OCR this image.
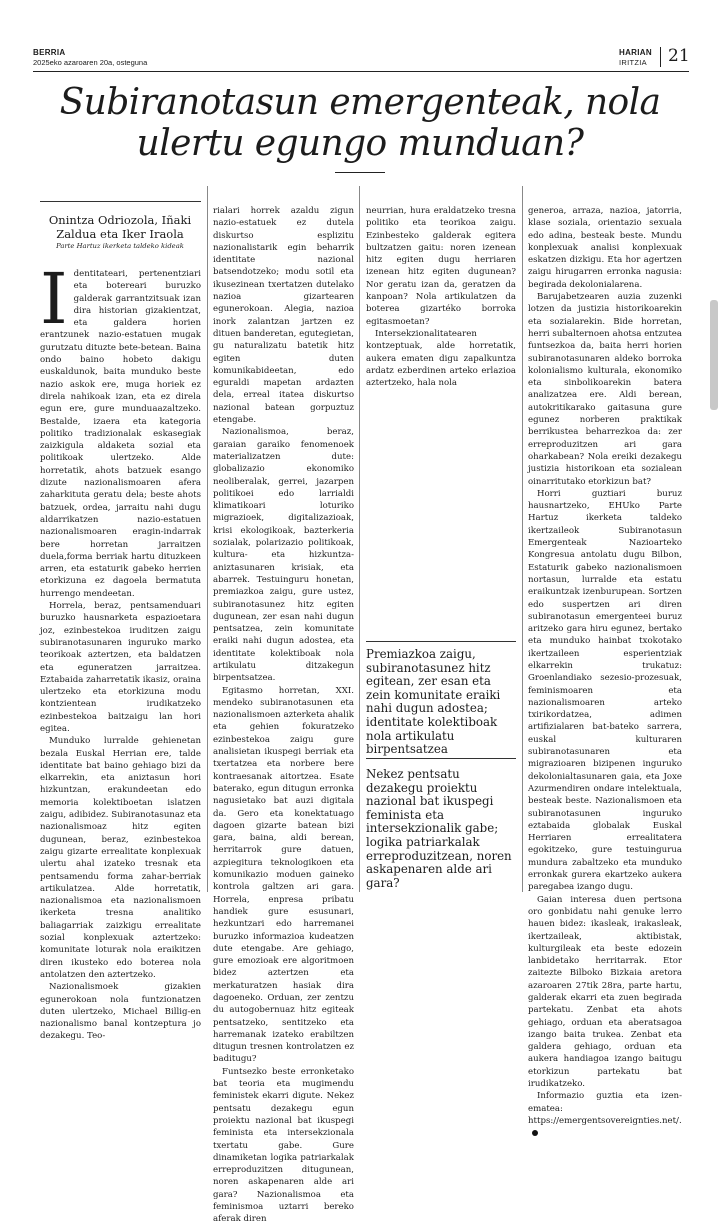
BERRIA
2025eko azaroaren 20a, osteguna
HARIAN
IRITZIA 21
Subiranotasun emergenteak, nola ulertu egungo munduan?
Onintza Odriozola, Iñaki Zaldua eta Iker Iraola
Parte Hartuz ikerketa taldeko kideak

Identitateari, pertenentziari eta botereari buruzko galderak garrantzitsuak izan dira historian gizakientzat, eta galdera horien erantzunek nazio-estatuen mugak gurutzatu dituzte bete-betean. Baina ondo baino hobeto dakigu euskaldunok, baita munduko beste nazio askok ere, muga horiek ez direla nahikoak izan, eta ez direla egun ere, gure munduaazaltzeko. Bestalde, izaera eta kategoria politiko tradizionalak eskasegiak zaizkigula aldaketa sozial eta politikoak ulertzeko. Alde horretatik, ahots batzuek esango dizute nazionalismoaren afera zaharkituta geratu dela; beste ahots batzuek, ordea, jarraitu nahi dugu aldarrikatzen nazio-estatuen nazionalismoaren eragin-indarrak bere horretan jarraitzen duela,forma berriak hartu dituzkeen arren, eta estaturik gabeko herrien etorkizuna ez dagoela bermatuta hurrengo mendeetan.

Horrela, beraz, pentsamenduari buruzko hausnarketa espazioetara joz, ezinbestekoa iruditzen zaigu subiranotasunaren inguruko marko teorikoak aztertzen, eta baldatzen eta eguneratzen jarraitzea. Eztabaida zaharretatik ikasiz, oraina ulertzeko eta etorkizuna modu kontzientean irudikatzeko ezinbestekoa baitzaigu lan hori egitea.

Munduko lurralde gehienetan bezala Euskal Herrian ere, talde identitate bat baino gehiago bizi da elkarrekin, eta aniztasun hori hizkuntzan, erakundeetan edo memoria kolektiboetan islatzen zaigu, adibidez. Subiranotasunaz eta nazionalismoaz hitz egiten dugunean, beraz, ezinbestekoa zaigu gizarte errealitate konplexuak ulertu ahal izateko tresnak eta pentsamendu forma zahar-berriak artikulatzea. Alde horretatik, nazionalismoa eta nazionalismoen ikerketa tresna analitiko baliagarriak zaizkigu errealitate sozial konplexuak aztertzeko: komunitate loturak nola eraikitzen diren ikusteko edo boterea nola antolatzen den aztertzeko.

Nazionalismoek gizakien egunerokoan nola funtzionatzen duten ulertzeko, Michael Billig-en nazionalismo banal kontzeptura jo dezakegu. Teo-

rialari horrek azaldu zigun nazio-estatuek ez dutela diskurtso esplizitu nazionalistarik egin beharrik identitate nazional batsendotzeko; modu sotil eta ikusezinean txertatzen dutelako nazioa gizartearen egunerokoan. Alegia, nazioa inork zalantzan jartzen ez dituen banderetan, egutegietan, gu naturalizatu batetik hitz egiten duten komunikabideetan, edo eguraldi mapetan ardazten dela, erreal itatea diskurtso nazional batean gorpuztuz etengabe.

Nazionalismoa, beraz, garaian garaiko fenomenoek materializatzen dute: globalizazio ekonomiko neoliberalak, gerrei, jazarpen politikoei edo larrialdi klimatikoari loturiko migrazioek, digitalizazioak, krisi ekologikoak, bazterkeria sozialak, polarizazio politikoak, kultura- eta hizkuntza-aniztasunaren krisiak, eta abarrek. Testuinguru honetan, premiazkoa zaigu, gure ustez, subiranotasunez hitz egiten dugunean, zer esan nahi dugun pentsatzea, zein komunitate eraiki nahi dugun adostea, eta identitate kolektiboak nola artikulatu ditzakegun birpentsatzea.

Egitasmo horretan, XXI. mendeko subiranotasunen eta nazionalismoen azterketa ahalik eta gehien fokuratzeko ezinbestekoa zaigu gure analisietan ikuspegi berriak eta txertatzea eta norbere bere kontraesanak aitortzea. Esate baterako, egun ditugun erronka nagusietako bat auzi digitala da. Gero eta konektatuago dagoen gizarte batean bizi gara, baina, aldi berean, herritarrok gure datuen, azpiegitura teknologikoen eta komunikazio moduen gaineko kontrola galtzen ari gara. Horrela, enpresa pribatu handiek gure esusunari, hezkuntzari edo harremanei buruzko informazioa kudeatzen dute etengabe. Are gehiago, gure emozioak ere algoritmoen bidez aztertzen eta merkaturatzen hasiak dira dagoeneko. Orduan, zer zentzu du autogobernuaz hitz egiteak pentsatzeko, sentitzeko eta harremanak izateko erabiltzen ditugun tresnen kontrolatzen ez baditugu?

Funtsezko beste erronketako bat teoria eta mugimendu feministek ekarri digute. Nekez pentsatu dezakegu egun proiektu nazional bat ikuspegi feminista eta intersekzionala txertatu gabe. Gure dinamiketan logika patriarkalak erreproduzitzen ditugunean, noren askapenaren alde ari gara? Nazionalismoa eta feminismoa uztarri bereko aferak diren

neurrian, hura eraldatzeko tresna politiko eta teorikoa zaigu. Ezinbesteko galderak egitera bultzatzen gaitu: noren izenean hitz egiten dugu herriaren izenean hitz egiten dugunean? Nor geratu izan da, geratzen da kanpoan? Nola artikulatzen da boterea gizartéko borroka egitasmoetan?

Intersekzionalitatearen kontzeptuak, alde horretatik, aukera ematen digu zapalkuntza ardatz ezberdinen arteko erlazioa aztertzeko, hala nola

Premiazkoa zaigu, subiranotasunez hitz egitean, zer esan eta zein komunitate eraiki nahi dugun adostea; identitate kolektiboak nola artikulatu birpentsatzea
Nekez pentsatu dezakegu proiektu nazional bat ikuspegi feminista eta intersekzionalik gabe; logika patriarkalak erreproduzitzean, noren askapenaren alde ari gara?

generoa, arraza, nazioa, jatorria, klase soziala, orientazio sexuala edo adina, besteak beste. Mundu konplexuak analisi konplexuak eskatzen dizkigu. Eta hor agertzen zaigu hirugarren erronka nagusia: begirada dekolonialarena.

Barujabetzearen auzia zuzenki lotzen da justizia historikoarekin eta sozialarekin. Bide horretan, herri subalternoen ahotsa entzutea funtsezkoa da, baita herri horien subiranotasunaren aldeko borroka kolonialismo kulturala, ekonomiko eta sinbolikoarekin batera analizatzea ere. Aldi berean, autokritikarako gaitasuna gure egunez norberen praktikak berrikustea beharrezkoa da: zer erreproduzitzen ari gara oharkabean? Nola ereiki dezakegu justizia historikoan eta sozialean oinarritutako etorkizun bat?

Horri guztiari buruz hausnartzeko, EHUko Parte Hartuz ikerketa taldeko ikertzaileok Subiranotasun Emergenteak Nazioartekо Kongresua antolatu dugu Bilbon, Estaturik gabeko nazionalismoen nortasun, lurralde eta estatu eraikuntzak izenburupean. Sortzen edo suspertzen ari diren subiranotasun emergenteei buruz aritzeko gara hiru egunez, bertako eta munduko hainbat txokotako ikertzaileen esperientziak elkarrekin trukatuz: Groenlandiako sezesio-prozesuak, feminismoaren eta nazionalismoaren arteko txirikordatzea, adimen artifizialaren bat-bateko sarrera, euskal kulturaren subiranotasunaren eta migrazioaren bizipenen inguruko dekolonialtasunaren gaia, eta Joxe Azurmendiren ondare intelektuala, besteak beste. Nazionalismoen eta subiranotasunen inguruko eztabaida globalak Euskal Herriaren errealitatera egokitzeko, gure testuingurua mundura zabaltzeko eta munduko erronkak gurera ekartzeko aukera paregabea izango dugu.

Gaian interesa duen pertsona oro gonbidatu nahi genuke lerro hauen bidez: ikasleak, irakasleak, ikertzaileak, aktibistak, kulturgileak eta beste edozein lanbidetako herritarrak. Etor zaitezte Bilboko Bizkaia aretora azaroaren 27tik 28ra, parte hartu, galderak ekarri eta zuen begirada partekatu. Zenbat eta ahots gehiago, orduan eta aberatsagoa izango baita trukea. Zenbat eta galdera gehiago, orduan eta aukera handiagoa izango baitugu etorkizun partekatu bat irudikatzeko.

Informazio guztia eta izen-ematea: https://emergentsovereignties.net/.
